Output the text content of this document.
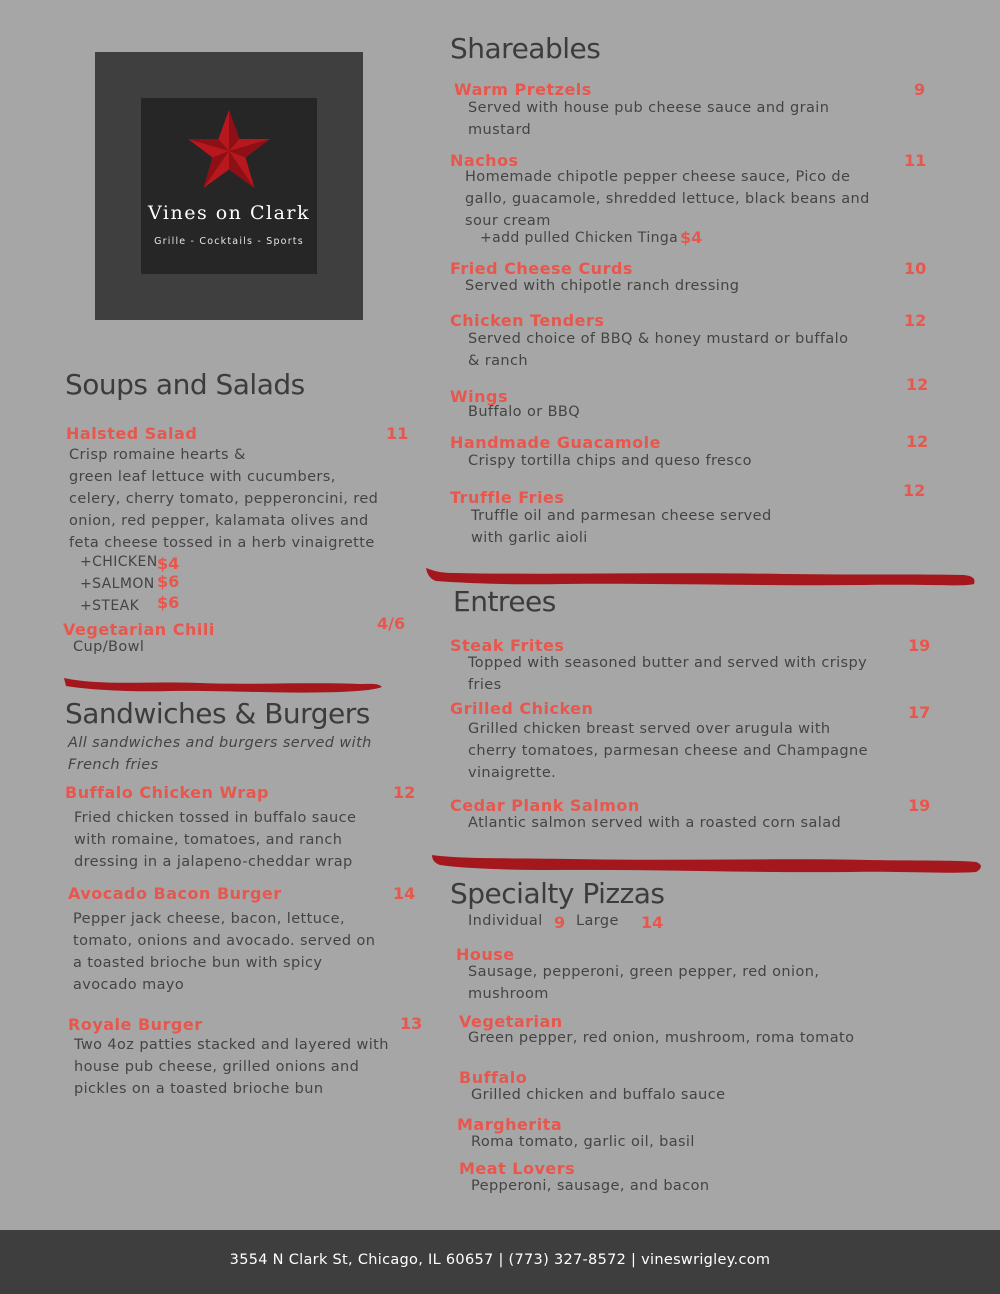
Vines on Clark
Grille - Cocktails - Sports
Soups and Salads
Halsted Salad	11
Crisp romaine hearts &
green leaf lettuce with cucumbers,
celery, cherry tomato, pepperoncini, red
onion, red pepper, kalamata olives and
feta cheese tossed in a herb vinaigrette
+CHICKEN $4
+SALMON $6
+STEAK $6
Vegetarian Chili	4/6
Cup/Bowl
Sandwiches & Burgers
All sandwiches and burgers served with
French fries
Buffalo Chicken Wrap	12
Fried chicken tossed in buffalo sauce
with romaine, tomatoes, and ranch
dressing in a jalapeno-cheddar wrap
Avocado Bacon Burger	14
Pepper jack cheese, bacon, lettuce,
tomato, onions and avocado. served on
a toasted brioche bun with spicy
avocado mayo
Royale Burger	13
Two 4oz patties stacked and layered with
house pub cheese, grilled onions and
pickles on a toasted brioche bun
Shareables
Warm Pretzels	9
Served with house pub cheese sauce and grain
mustard
Nachos	11
Homemade chipotle pepper cheese sauce, Pico de
gallo, guacamole, shredded lettuce, black beans and
sour cream
+add pulled Chicken Tinga $4
Fried Cheese Curds	10
Served with chipotle ranch dressing
Chicken Tenders	12
Served choice of BBQ & honey mustard or buffalo
& ranch
Wings
12
Buffalo or BBQ
Handmade Guacamole	12
Crispy tortilla chips and queso fresco
Truffle Fries	12
Truffle oil and parmesan cheese served
with garlic aioli
Entrees
Steak Frites	19
Topped with seasoned butter and served with crispy
fries
Grilled Chicken	17
Grilled chicken breast served over arugula with
cherry tomatoes, parmesan cheese and Champagne
vinaigrette.
Cedar Plank Salmon	19
Atlantic salmon served with a roasted corn salad
Specialty Pizzas
Individual 9 Large 14
House
Sausage, pepperoni, green pepper, red onion,
mushroom
Vegetarian
Green pepper, red onion, mushroom, roma tomato
Buffalo
Grilled chicken and buffalo sauce
Margherita
Roma tomato, garlic oil, basil
Meat Lovers
Pepperoni, sausage, and bacon
3554 N Clark St, Chicago, IL 60657 | (773) 327-8572 | vineswrigley.com
